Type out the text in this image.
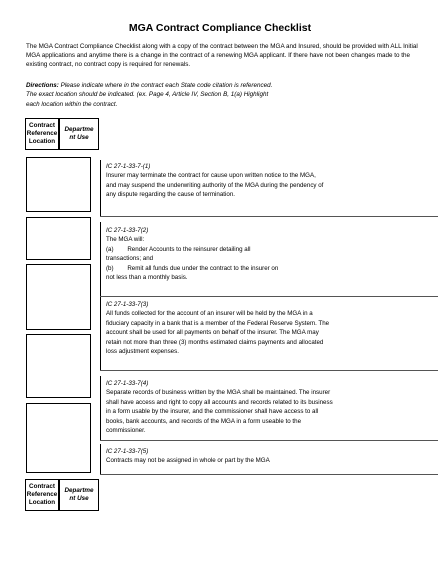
MGA Contract Compliance Checklist
The MGA Contract Compliance Checklist along with a copy of the contract between the MGA and Insured, should be provided with ALL Initial MGA applications and anytime there is a change in the contract of a renewing MGA applicant. If there have not been changes made to the existing contract, no contract copy is required for renewals.
Directions: Please indicate where in the contract each State code citation is referenced.
The exact location should be indicated. (ex. Page 4, Article IV, Section B, 1(a) Highlight
each location within the contract.
Contract
Reference
Location
Departme
nt Use
IC 27-1-33-7-(1)
Insurer may terminate the contract for cause upon written notice to the MGA,
and may suspend the underwriting authority of the MGA during the pendency of
any dispute regarding the cause of termination.
IC 27-1-33-7(2)
The MGA will:
(a)        Render Accounts to the reinsurer detailing all
transactions; and
(b)        Remit all funds due under the contract to the insurer on
not less than a monthly basis.
IC 27-1-33-7(3)
All funds collected for the account of an insurer will be held by the MGA in a
fiduciary capacity in a bank that is a member of the Federal Reserve System. The
account shall be used for all payments on behalf of the insurer. The MGA may
retain not more than three (3) months estimated claims payments and allocated
loss adjustment expenses.
IC 27-1-33-7(4)
Separate records of business written by the MGA shall be maintained. The insurer
shall have access and right to copy all accounts and records related to its business
in a form usable by the insurer, and the commissioner shall have access to all
books, bank accounts, and records of the MGA in a form useable to the
commissioner.
IC 27-1-33-7(5)
Contracts may not be assigned in whole or part by the MGA
Contract
Reference
Location
Departme
nt Use
